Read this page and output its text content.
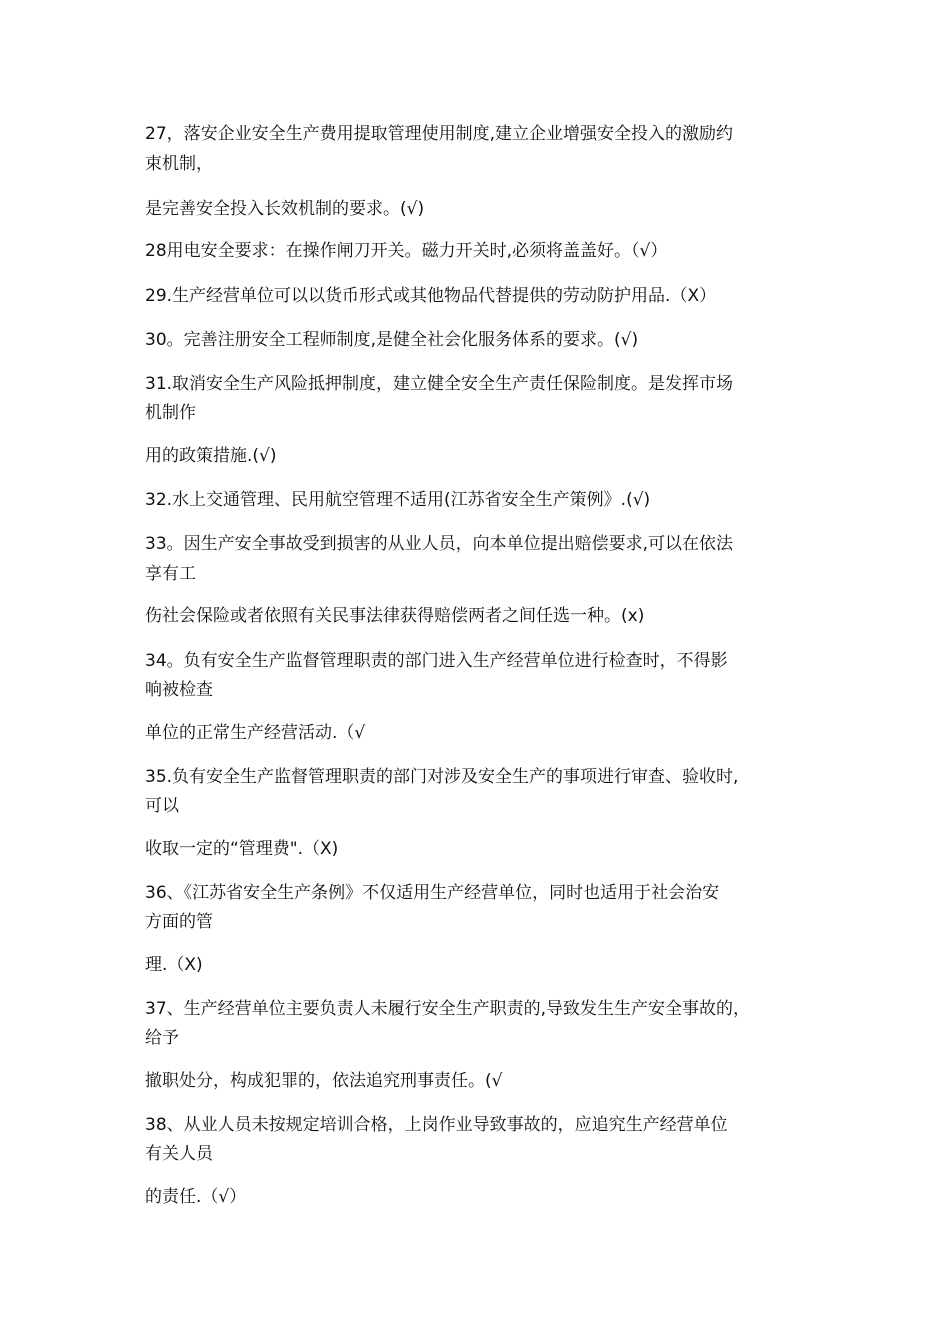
27，落安企业安全生产费用提取管理使用制度,建立企业增强安全投入的激励约

束机制，

是完善安全投入长效机制的要求。(√)

28用电安全要求：在操作闸刀开关。磁力开关时,必须将盖盖好。（√）

29.生产经营单位可以以货币形式或其他物品代替提供的劳动防护用品.（X）

30。完善注册安全工程师制度,是健全社会化服务体系的要求。(√)

31.取消安全生产风险抵押制度，建立健全安全生产责任保险制度。是发挥市场

机制作

用的政策措施.(√)

32.水上交通管理、民用航空管理不适用(江苏省安全生产策例》.(√)

33。因生产安全事故受到损害的从业人员，向本单位提出赔偿要求,可以在依法

享有工

伤社会保险或者依照有关民事法律获得赔偿两者之间任选一种。(x)

34。负有安全生产监督管理职责的部门进入生产经营单位进行检查时，不得影

响被检查

单位的正常生产经营活动.（√

35.负有安全生产监督管理职责的部门对涉及安全生产的事项进行审查、验收时,

可以

收取一定的“管理费".（X)

36、《江苏省安全生产条例》不仅适用生产经营单位，同时也适用于社会治安

方面的管

理.（X)

37、生产经营单位主要负责人未履行安全生产职责的,导致发生生产安全事故的，

给予

撤职处分，构成犯罪的，依法追究刑事责任。(√

38、从业人员未按规定培训合格，上岗作业导致事故的，应追究生产经营单位

有关人员

的责任.（√）
